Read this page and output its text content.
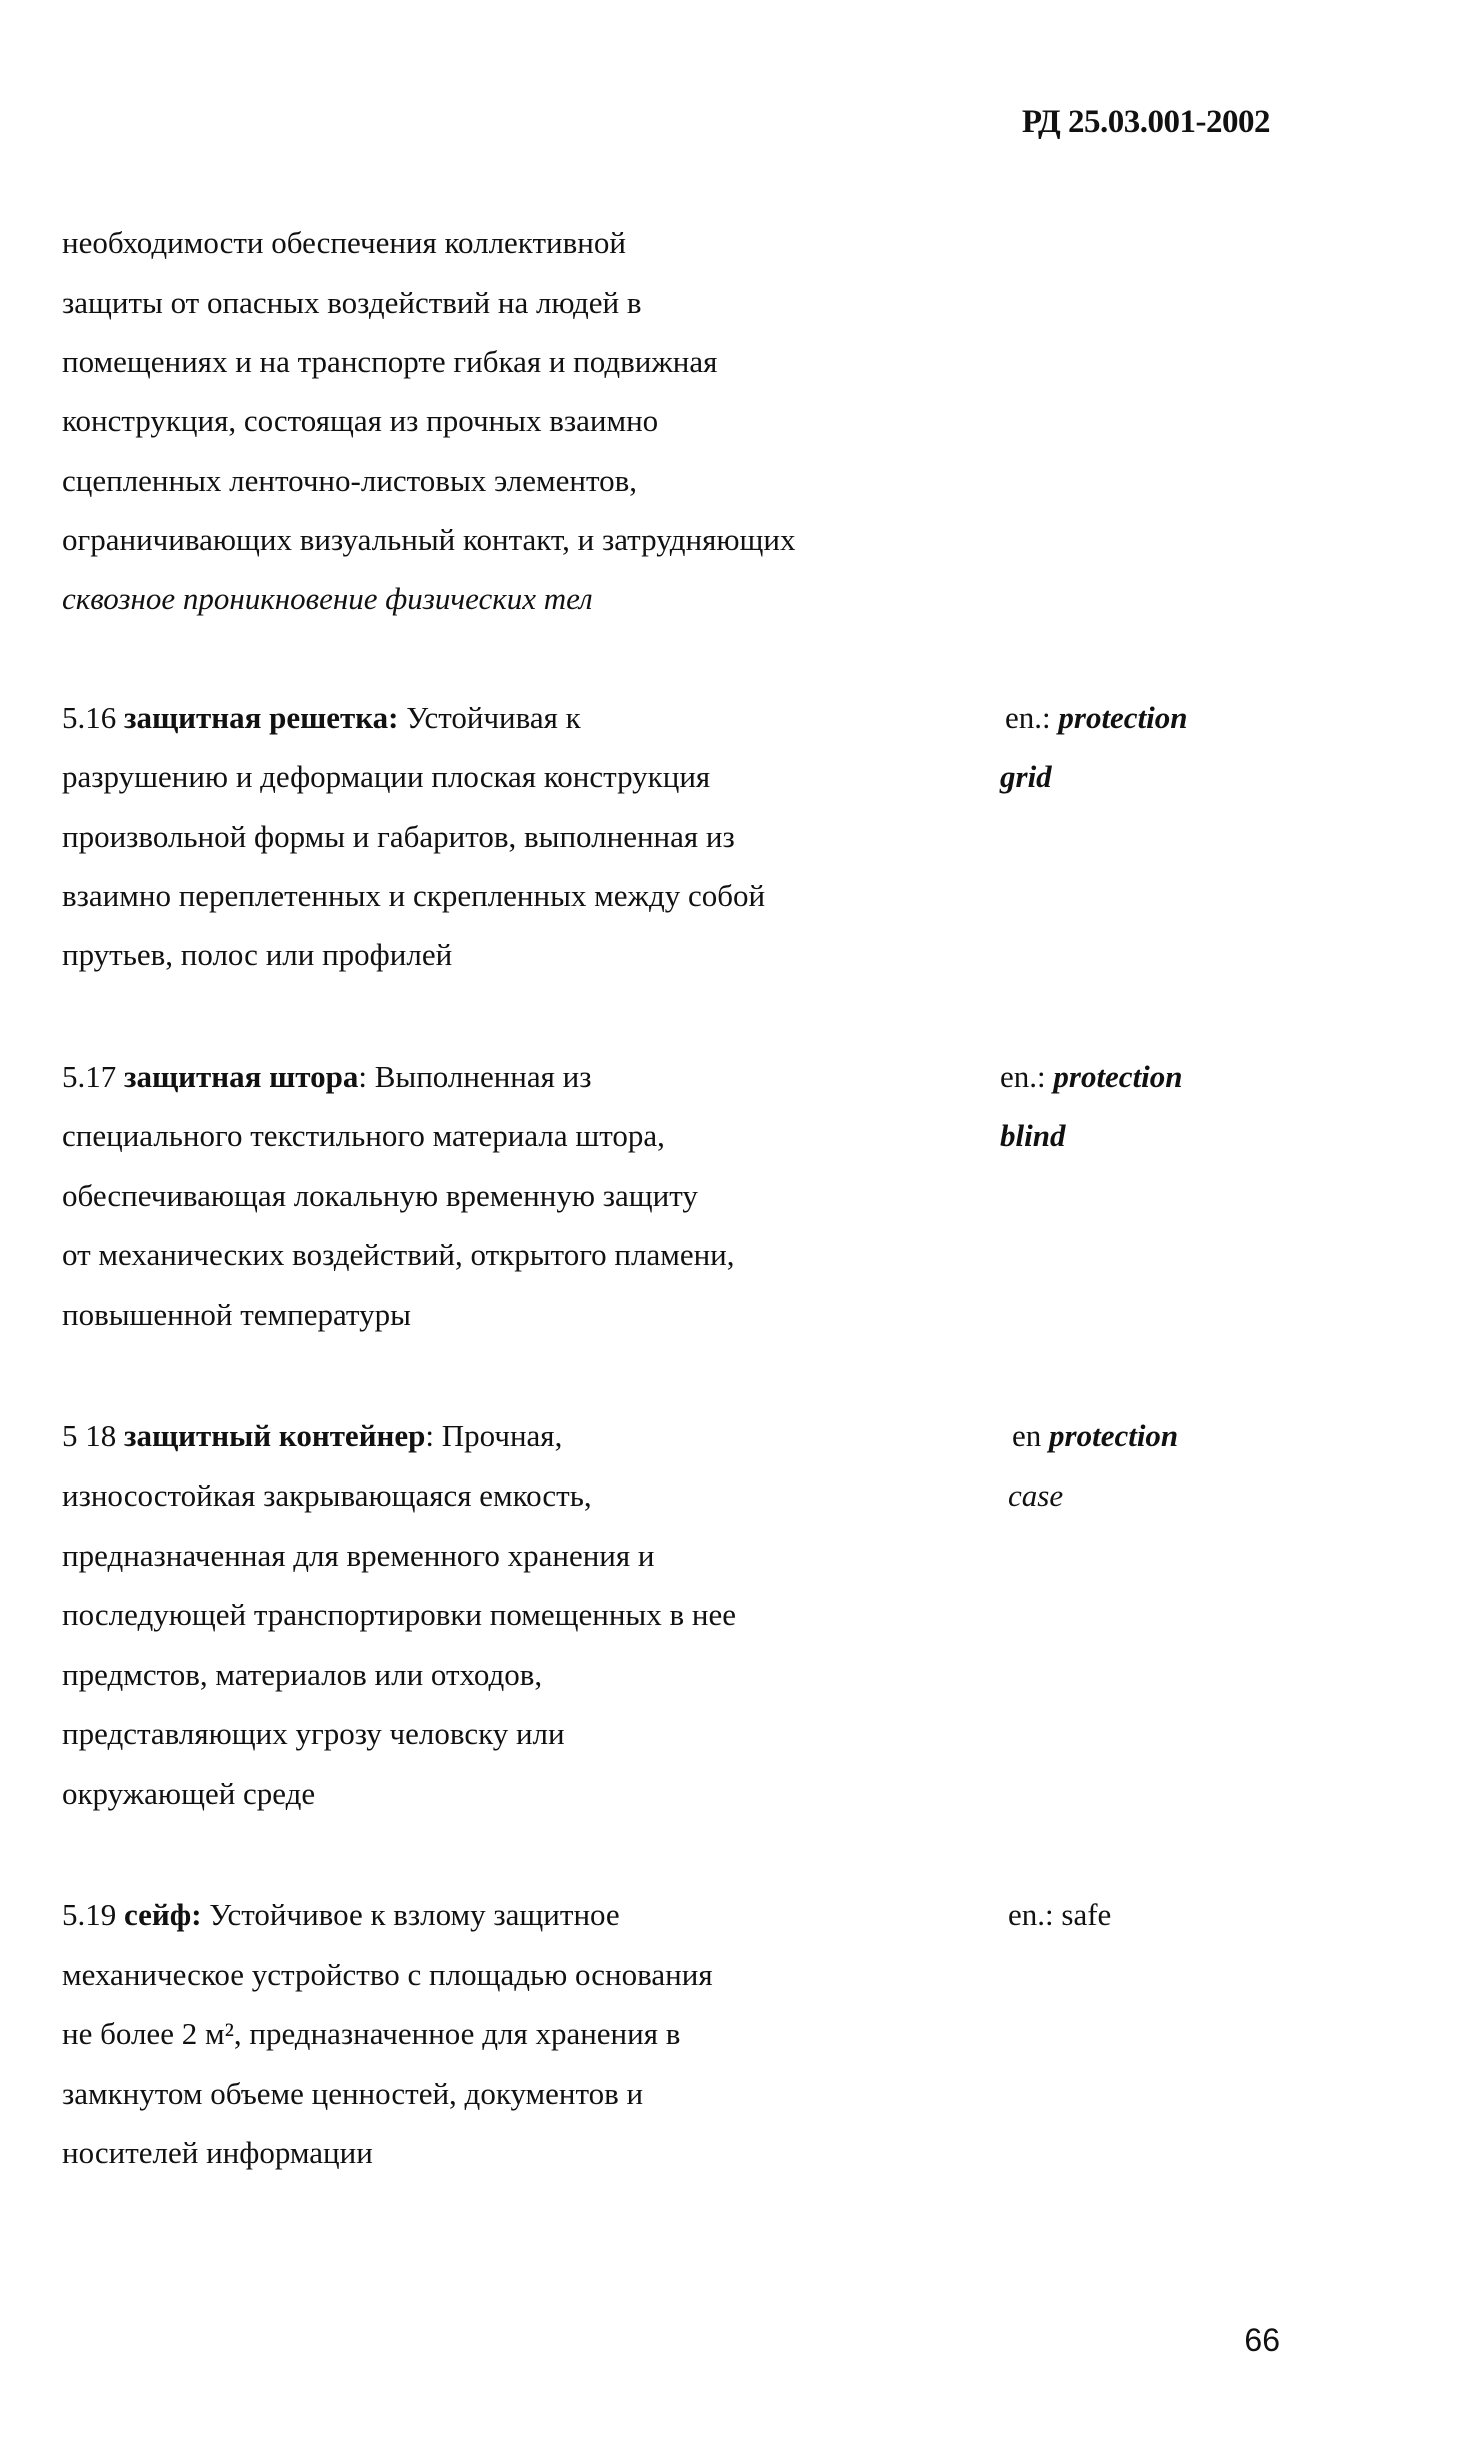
РД 25.03.001-2002
необходимости обеспечения коллективной
защиты от опасных воздействий на людей в
помещениях и на транспорте гибкая и подвижная
конструкция, состоящая из прочных взаимно
сцепленных ленточно-листовых элементов,
ограничивающих визуальный контакт, и затрудняющих
сквозное проникновение физических тел
5.16 защитная решетка: Устойчивая к
разрушению и деформации плоская конструкция
произвольной формы и габаритов, выполненная из
взаимно переплетенных и скрепленных между собой
прутьев, полос или профилей
en.: protection
grid
5.17 защитная штора: Выполненная из
специального текстильного материала штора,
обеспечивающая локальную временную защиту
от механических воздействий, открытого пламени,
повышенной температуры
en.: protection
blind
5 18 защитный контейнер: Прочная,
износостойкая закрывающаяся емкость,
предназначенная для временного хранения и
последующей транспортировки помещенных в нее
предмстов, материалов или отходов,
представляющих угрозу человску или
окружающей среде
en protection
case
5.19 сейф: Устойчивое к взлому защитное
механическое устройство с площадью основания
не более 2 м², предназначенное для хранения в
замкнутом объеме ценностей, документов и
носителей информации
en.: safe
66
